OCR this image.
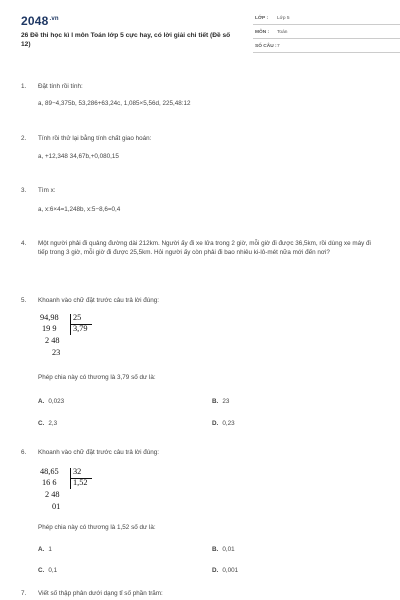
$2048^{.vn}$
26 Đề thi học kì I môn Toán lớp 5 cực hay, có lời giải chi tiết (Đề số 12)
LỚP : Lớp 5
MÔN : Toán
SỐ CÂU : 7
1. Đặt tính rồi tính:
a, 89−4,375b, 53,286+63,24c, 1,085×5,56d, 225,48:12
2. Tính rồi thử lại bằng tính chất giao hoán:
a, +12,348 34,67b,+0,080,15
3. Tìm x:
a, x:6×4=1,248b, x:5−8,6=0,4
4. Một người phải đi quảng đường dài 212km. Người ấy đi xe lửa trong 2 giờ, mỗi giờ đi được 36,5km, rồi dùng xe máy đi tiếp trong 3 giờ, mỗi giờ đi được 25,5km. Hỏi người ấy còn phải đi bao nhiêu ki-lô-mét nữa mới đến nơi?
5. Khoanh vào chữ đặt trước câu trả lời đúng:
94,98 25
3,79
19 9
2 48
23
Phép chia này có thương là 3,79 số dư là:
A. 0,023	B. 23
C. 2,3	D. 0,23
6. Khoanh vào chữ đặt trước câu trả lời đúng:
48,65 32
1,52
16 6
2 48
01
Phép chia này có thương là 1,52 số dư là:
A. 1	B. 0,01
C. 0,1	D. 0,001
7. Viết số thập phân dưới dạng tỉ số phần trăm:
